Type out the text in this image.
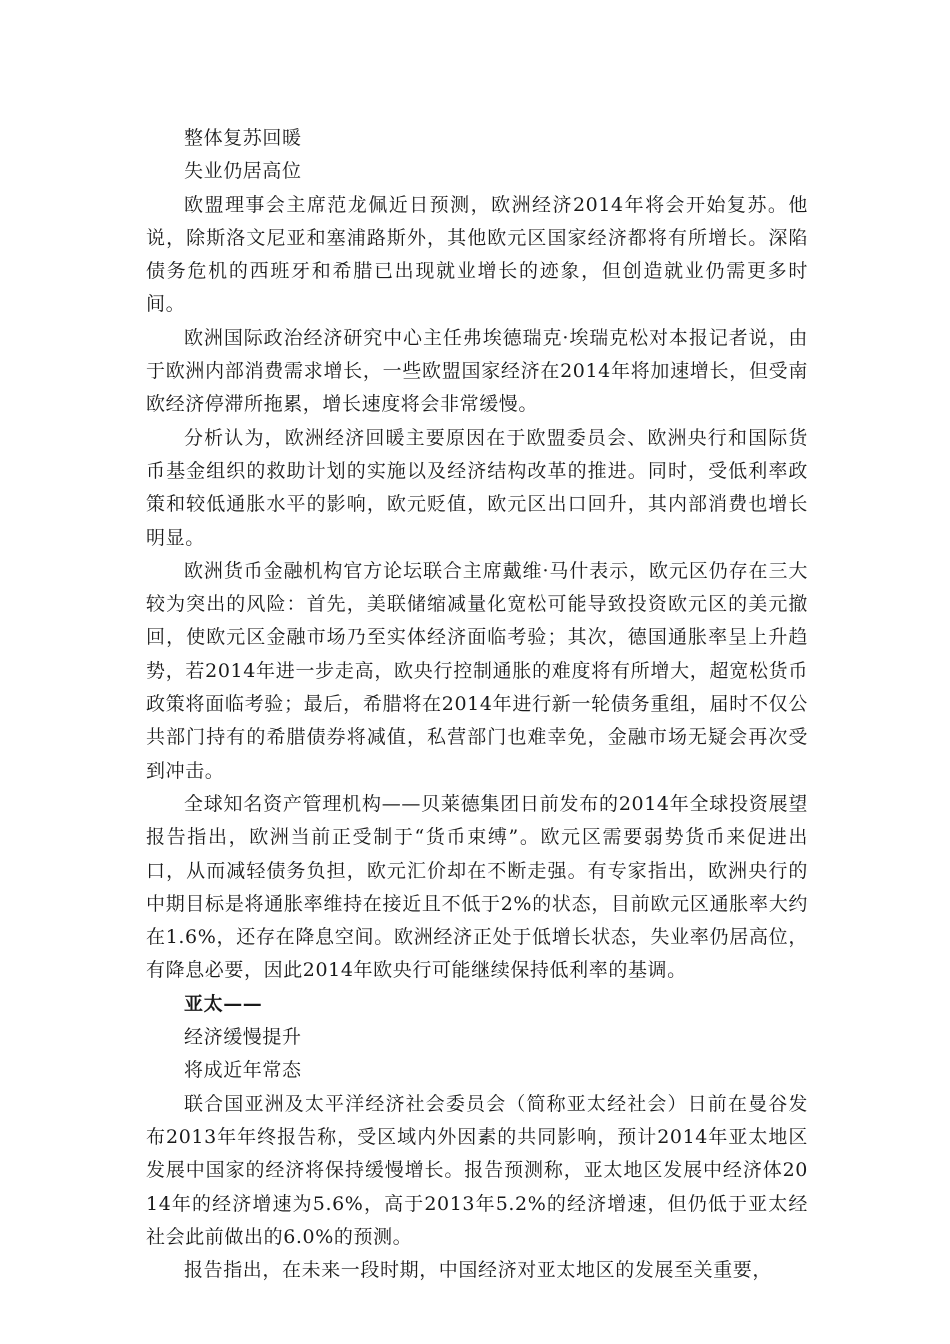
整体复苏回暖

失业仍居高位

欧盟理事会主席范龙佩近日预测，欧洲经济2014年将会开始复苏。他说，除斯洛文尼亚和塞浦路斯外，其他欧元区国家经济都将有所增长。深陷债务危机的西班牙和希腊已出现就业增长的迹象，但创造就业仍需更多时间。

欧洲国际政治经济研究中心主任弗埃德瑞克·埃瑞克松对本报记者说，由于欧洲内部消费需求增长，一些欧盟国家经济在2014年将加速增长，但受南欧经济停滞所拖累，增长速度将会非常缓慢。

分析认为，欧洲经济回暖主要原因在于欧盟委员会、欧洲央行和国际货币基金组织的救助计划的实施以及经济结构改革的推进。同时，受低利率政策和较低通胀水平的影响，欧元贬值，欧元区出口回升，其内部消费也增长明显。

欧洲货币金融机构官方论坛联合主席戴维·马什表示，欧元区仍存在三大较为突出的风险：首先，美联储缩减量化宽松可能导致投资欧元区的美元撤回，使欧元区金融市场乃至实体经济面临考验；其次，德国通胀率呈上升趋势，若2014年进一步走高，欧央行控制通胀的难度将有所增大，超宽松货币政策将面临考验；最后，希腊将在2014年进行新一轮债务重组，届时不仅公共部门持有的希腊债券将减值，私营部门也难幸免，金融市场无疑会再次受到冲击。

全球知名资产管理机构——贝莱德集团日前发布的2014年全球投资展望报告指出，欧洲当前正受制于“货币束缚”。欧元区需要弱势货币来促进出口，从而减轻债务负担，欧元汇价却在不断走强。有专家指出，欧洲央行的中期目标是将通胀率维持在接近且不低于2%的状态，目前欧元区通胀率大约在1.6%，还存在降息空间。欧洲经济正处于低增长状态，失业率仍居高位，有降息必要，因此2014年欧央行可能继续保持低利率的基调。

亚太——

经济缓慢提升

将成近年常态

联合国亚洲及太平洋经济社会委员会（简称亚太经社会）日前在曼谷发布2013年年终报告称，受区域内外因素的共同影响，预计2014年亚太地区发展中国家的经济将保持缓慢增长。报告预测称，亚太地区发展中经济体2014年的经济增速为5.6%，高于2013年5.2%的经济增速，但仍低于亚太经社会此前做出的6.0%的预测。

报告指出，在未来一段时期，中国经济对亚太地区的发展至关重要，
